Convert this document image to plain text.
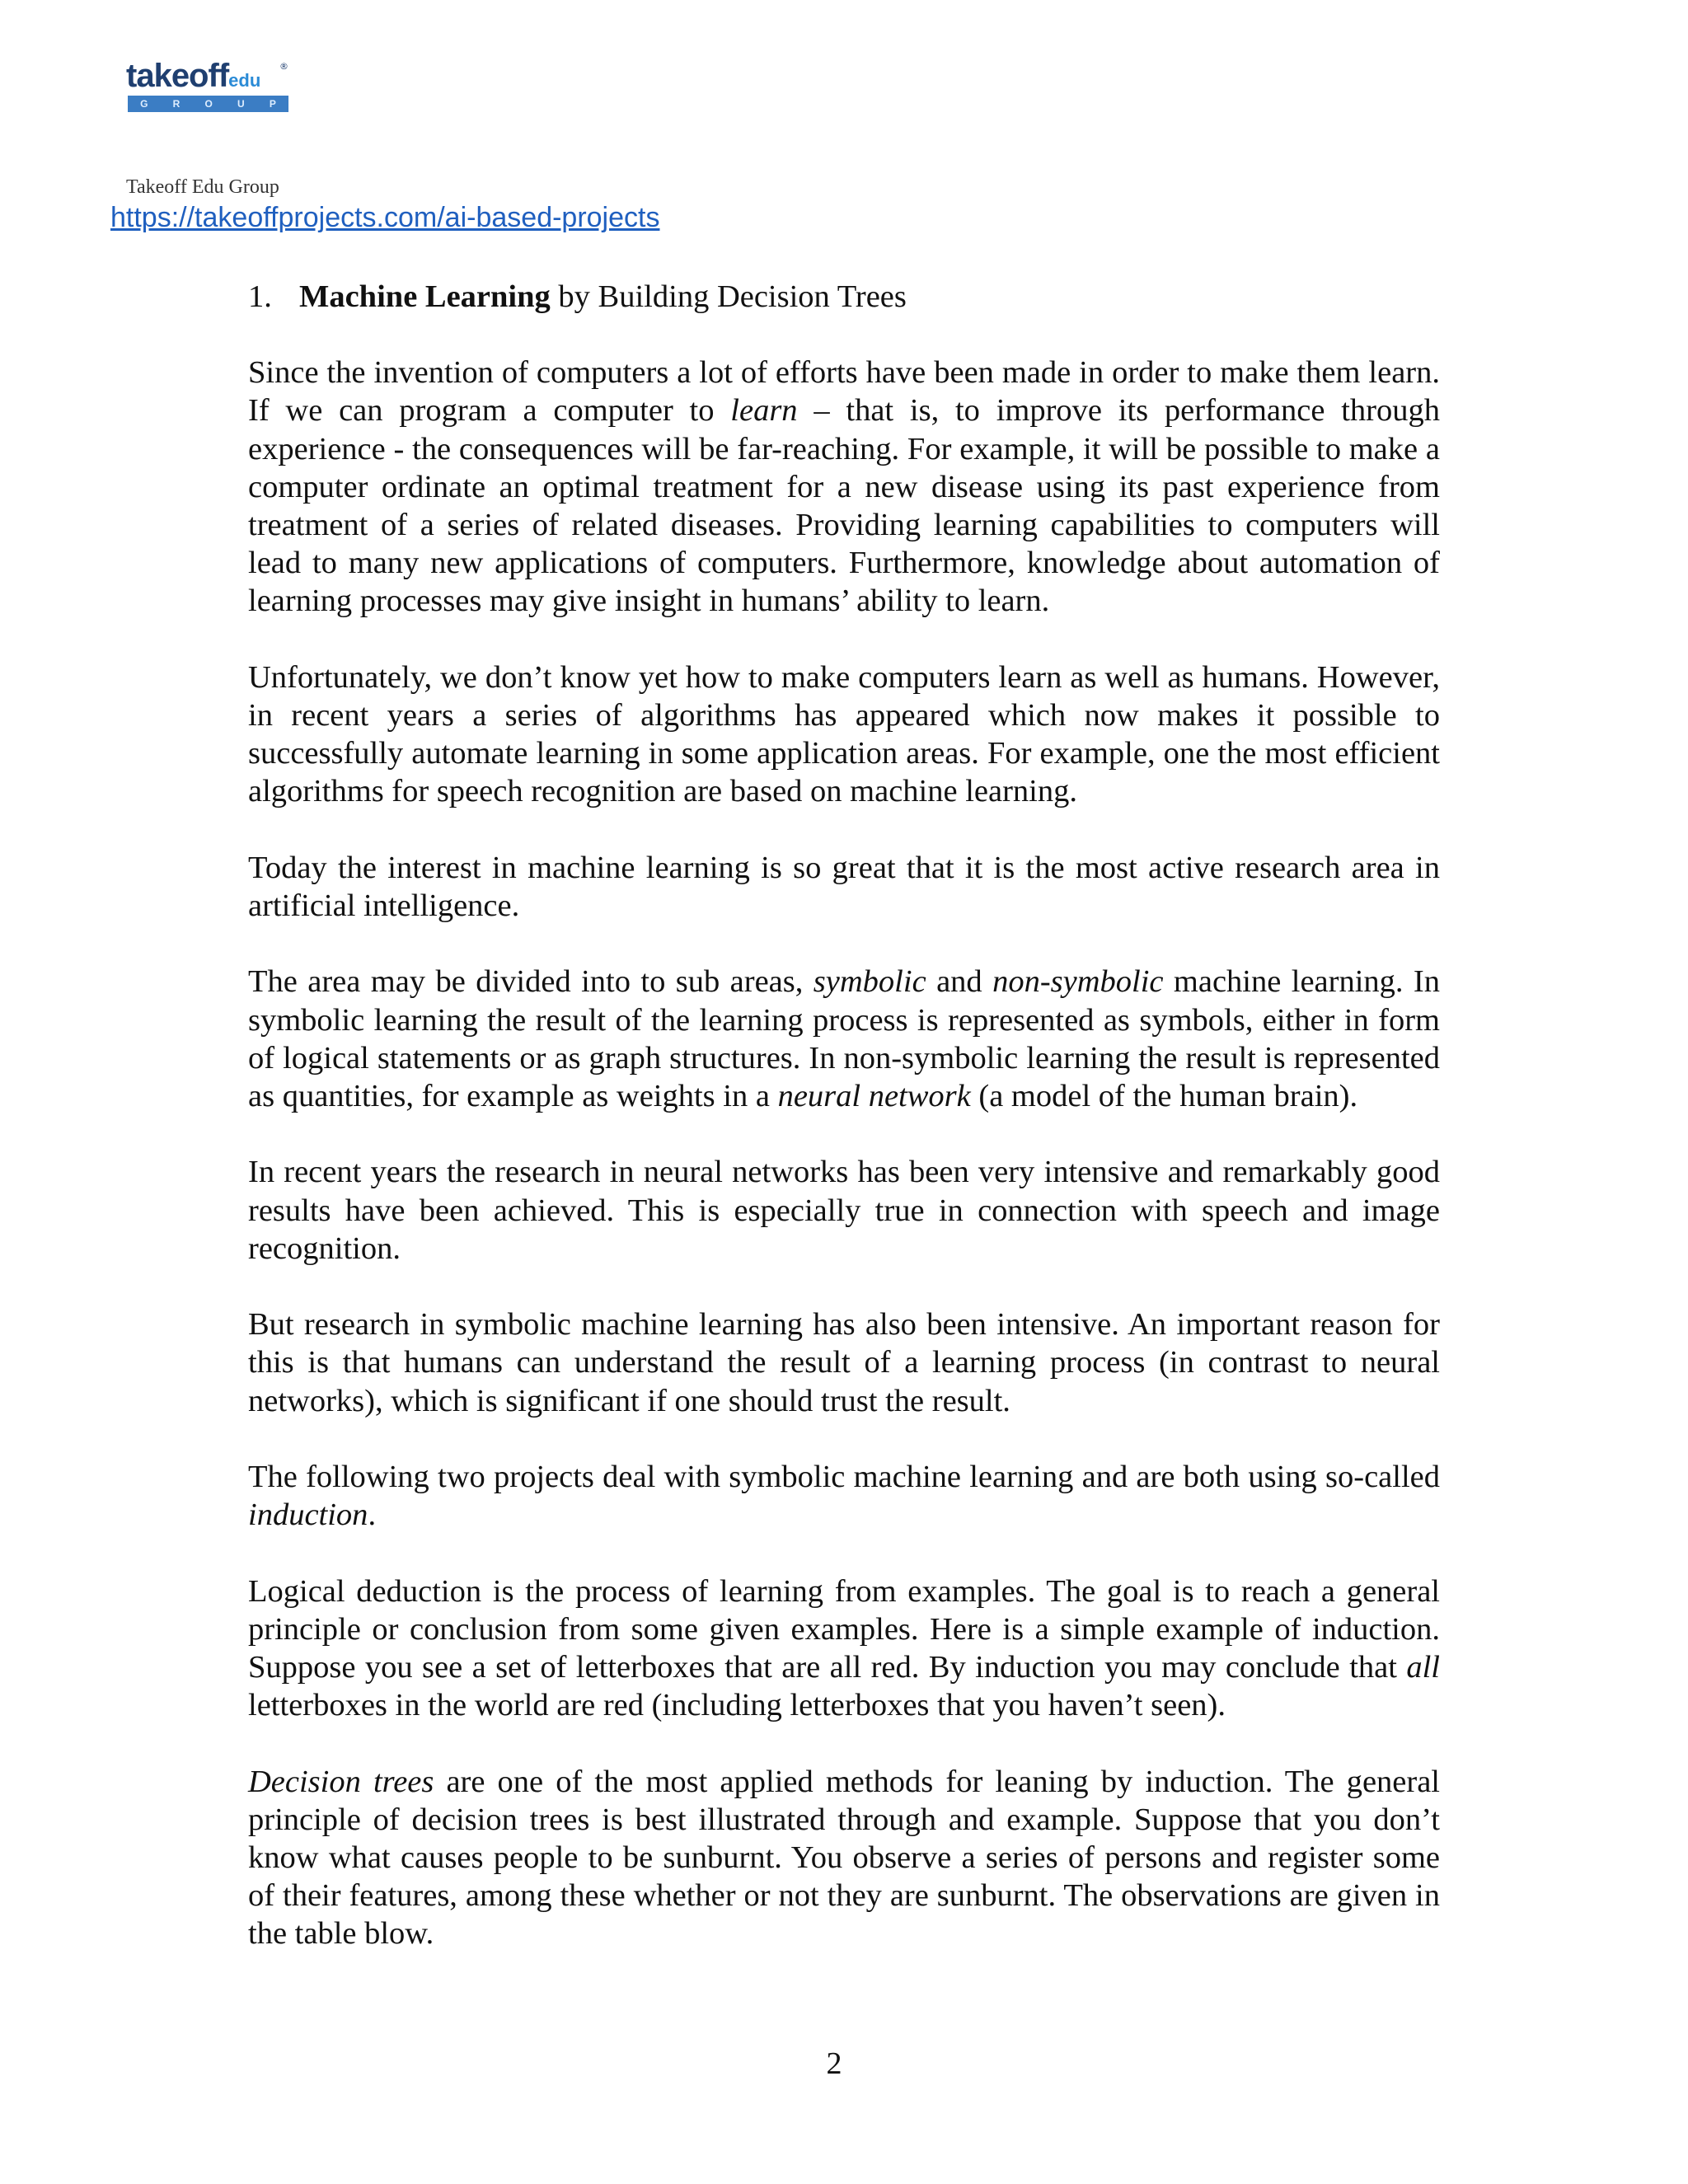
takeoffedu
®
G	R	O	U	P
Takeoff Edu Group
https://takeoffprojects.com/ai-based-projects
1. Machine Learning by Building Decision Trees

Since the invention of computers a lot of efforts have been made in order to make them learn. If we can program a computer to learn – that is, to improve its performance through experience - the consequences will be far-reaching. For example, it will be possible to make a computer ordinate an optimal treatment for a new disease using its past experience from treatment of a series of related diseases. Providing learning capabilities to computers will lead to many new applications of computers. Furthermore, knowledge about automation of learning processes may give insight in humans’ ability to learn.

Unfortunately, we don’t know yet how to make computers learn as well as humans. However, in recent years a series of algorithms has appeared which now makes it possible to successfully automate learning in some application areas. For example, one the most efficient algorithms for speech recognition are based on machine learning.

Today the interest in machine learning is so great that it is the most active research area in artificial intelligence.

The area may be divided into to sub areas, symbolic and non-symbolic machine learning. In symbolic learning the result of the learning process is represented as symbols, either in form of logical statements or as graph structures. In non-symbolic learning the result is represented as quantities, for example as weights in a neural network (a model of the human brain).

In recent years the research in neural networks has been very intensive and remarkably good results have been achieved. This is especially true in connection with speech and image recognition.

But research in symbolic machine learning has also been intensive. An important reason for this is that humans can understand the result of a learning process (in contrast to neural networks), which is significant if one should trust the result.

The following two projects deal with symbolic machine learning and are both using so-called induction.

Logical deduction is the process of learning from examples. The goal is to reach a general principle or conclusion from some given examples. Here is a simple example of induction. Suppose you see a set of letterboxes that are all red. By induction you may conclude that all letterboxes in the world are red (including letterboxes that you haven’t seen).

Decision trees are one of the most applied methods for leaning by induction. The general principle of decision trees is best illustrated through and example. Suppose that you don’t know what causes people to be sunburnt. You observe a series of persons and register some of their features, among these whether or not they are sunburnt. The observations are given in the table blow.

2
